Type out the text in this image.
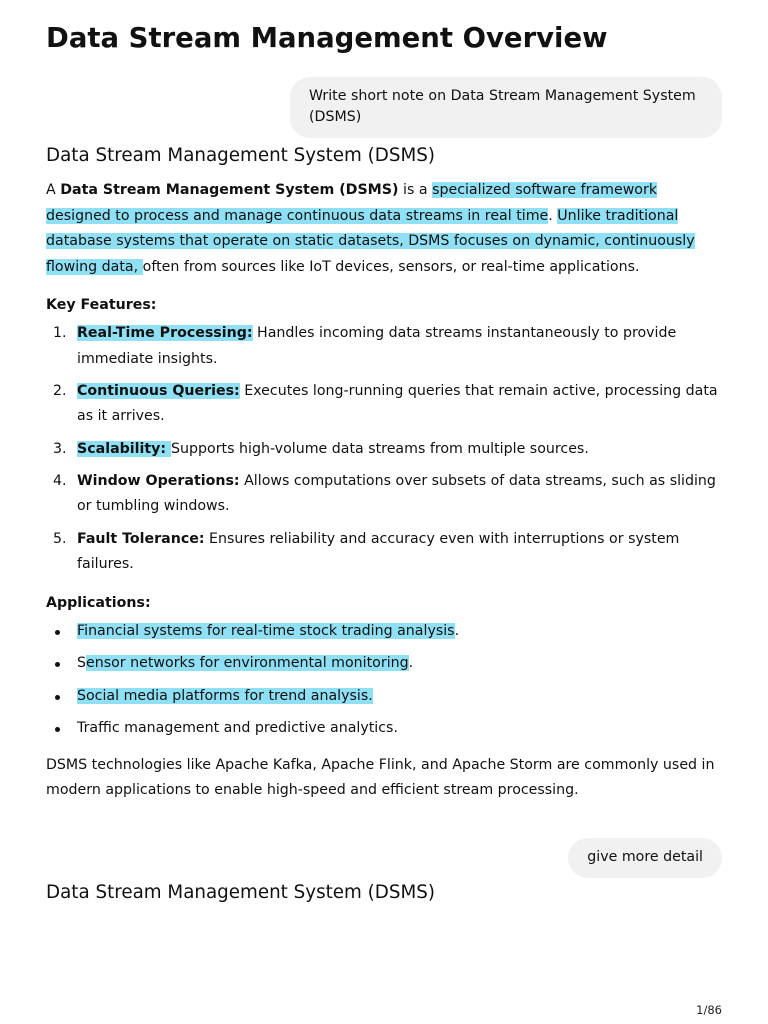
Data Stream Management Overview
Write short note on Data Stream Management System (DSMS)
Data Stream Management System (DSMS)

A Data Stream Management System (DSMS) is a specialized software framework designed to process and manage continuous data streams in real time. Unlike traditional database systems that operate on static datasets, DSMS focuses on dynamic, continuously flowing data, often from sources like IoT devices, sensors, or real-time applications.

Key Features:
1. Real-Time Processing: Handles incoming data streams instantaneously to provide immediate insights.
2. Continuous Queries: Executes long-running queries that remain active, processing data as it arrives.
3. Scalability: Supports high-volume data streams from multiple sources.
4. Window Operations: Allows computations over subsets of data streams, such as sliding or tumbling windows.
5. Fault Tolerance: Ensures reliability and accuracy even with interruptions or system failures.
Applications:
Financial systems for real-time stock trading analysis.
Sensor networks for environmental monitoring.
Social media platforms for trend analysis.
Traffic management and predictive analytics.

DSMS technologies like Apache Kafka, Apache Flink, and Apache Storm are commonly used in modern applications to enable high-speed and efficient stream processing.

give more detail
Data Stream Management System (DSMS)
1/86
